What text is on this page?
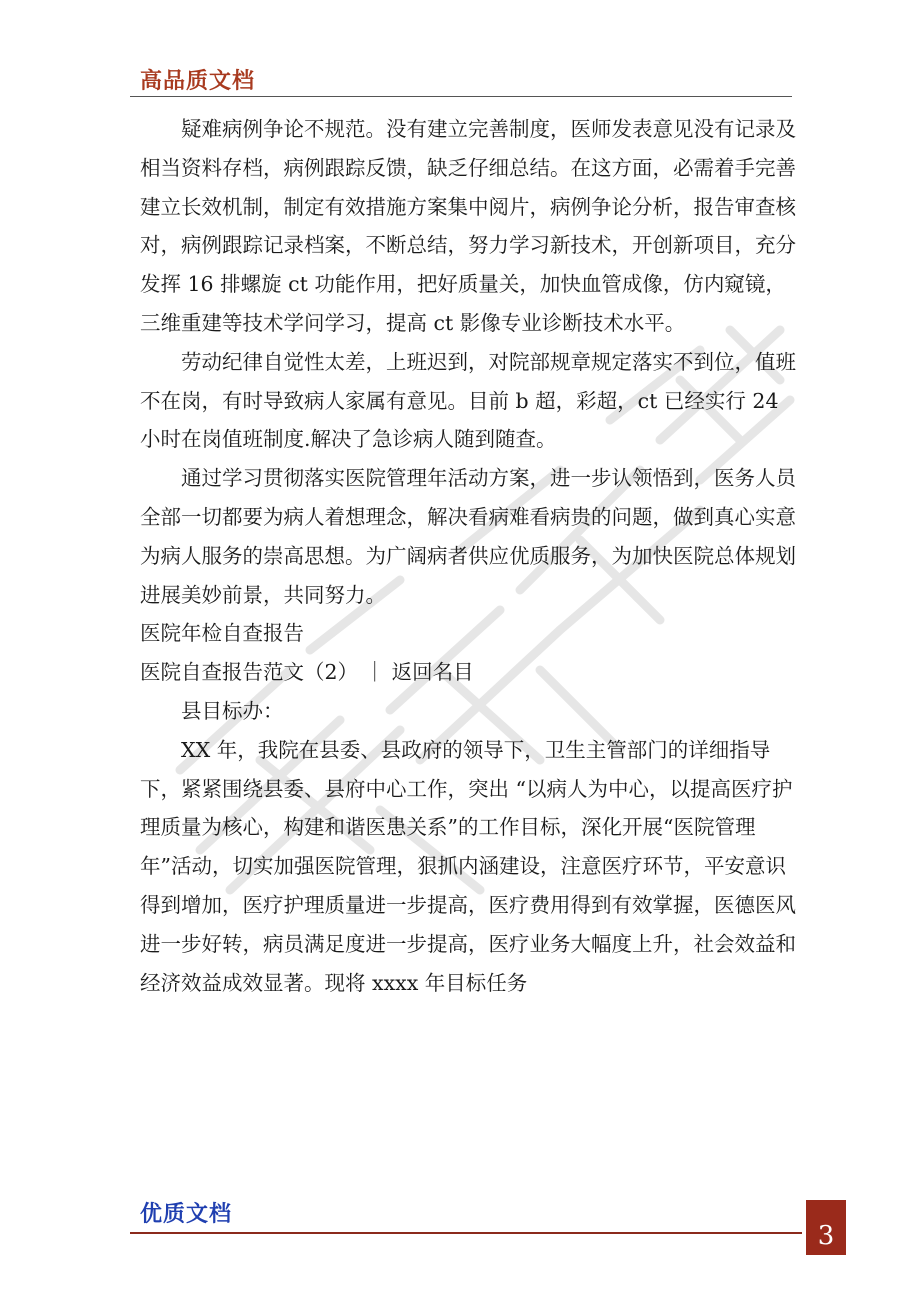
高品质文档

疑难病例争论不规范。没有建立完善制度，医师发表意见没有记录及相当资料存档，病例跟踪反馈，缺乏仔细总结。在这方面，必需着手完善建立长效机制，制定有效措施方案集中阅片，病例争论分析，报告审查核对，病例跟踪记录档案，不断总结，努力学习新技术，开创新项目，充分发挥 16 排螺旋 ct 功能作用，把好质量关，加快血管成像，仿内窥镜，三维重建等技术学问学习，提高 ct 影像专业诊断技术水平。

劳动纪律自觉性太差，上班迟到，对院部规章规定落实不到位，值班不在岗，有时导致病人家属有意见。目前 b 超，彩超，ct 已经实行 24 小时在岗值班制度.解决了急诊病人随到随查。

通过学习贯彻落实医院管理年活动方案，进一步认领悟到，医务人员全部一切都要为病人着想理念，解决看病难看病贵的问题，做到真心实意为病人服务的崇高思想。为广阔病者供应优质服务，为加快医院总体规划进展美妙前景，共同努力。

医院年检自查报告

医院自查报告范文（2） ｜ 返回名目

县目标办：

XX 年，我院在县委、县政府的领导下，卫生主管部门的详细指导下，紧紧围绕县委、县府中心工作，突出 “以病人为中心，以提高医疗护理质量为核心，构建和谐医患关系”的工作目标，深化开展“医院管理年”活动，切实加强医院管理，狠抓内涵建设，注意医疗环节，平安意识得到增加，医疗护理质量进一步提高，医疗费用得到有效掌握，医德医风进一步好转，病员满足度进一步提高，医疗业务大幅度上升，社会效益和经济效益成效显著。现将 xxxx 年目标任务

优质文档
3
